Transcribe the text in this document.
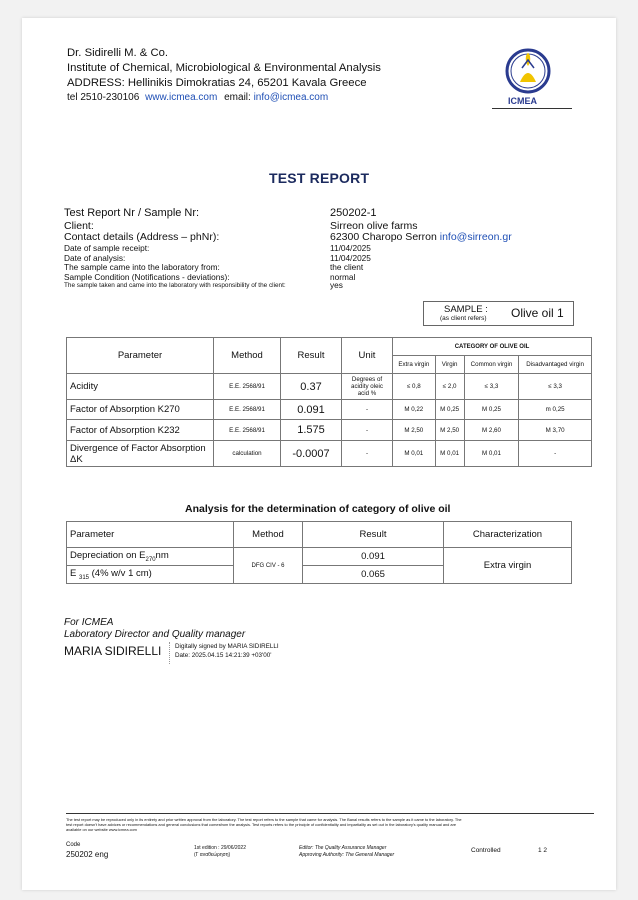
Dr. Sidirelli M. & Co.
Institute of Chemical, Microbiological & Environmental Analysis
ADDRESS: Hellinikis Dimokratias 24, 65201 Kavala Greece
tel 2510-230106 www.icmea.com email: info@icmea.com	ICMEA
TEST REPORT
Test Report Nr / Sample Nr:	250202-1
Client:	Sirreon olive farms
Contact details (Address – phNr):	62300 Charopo Serron info@sirreon.gr
Date of sample receipt:	11/04/2025
Date of analysis:	11/04/2025
The sample came into the laboratory from:	the client
Sample Condition (Notifications - deviations):	normal
The sample taken and came into the laboratory with responsibility of the client:	yes
SAMPLE :
(as client refers) Olive oil 1
Parameter	Method	Result	Unit	CATEGORY OF OLIVE OIL			
				Extra virgin	Virgin	Common virgin	Disadvantaged virgin
Acidity	E.E. 2568/91	0.37	Degrees of acidity oleic acid %	≤ 0,8	≤ 2,0	≤ 3,3	≤ 3,3
Factor of Absorption K270	E.E. 2568/91	0.091	-	M 0,22	M 0,25	M 0,25	m 0,25
Factor of Absorption K232	E.E. 2568/91	1.575	-	M 2,50	M 2,50	M 2,60	M 3,70
Divergence of Factor Absorption ΔK	calculation	-0.0007	-	M 0,01	M 0,01	M 0,01	-
Analysis for the determination of category of olive oil
Parameter	Method	Result	Characterization
Depreciation on $E_{270}nm$	DFG CIV - 6	0.091	Extra virgin
E $_{315}$ (4% w/v 1 cm)		0.065	
For ICMEA
Laboratory Director and Quality manager
MARIA SIDIRELLI Digitally signed by MARIA SIDIRELLI
Date: 2025.04.15 14:21:39 +03'00'
The test report may be reproduced only in its entirety and prior written approval from the laboratory. The test report refers to the sample that came for analysis. The Banal results refers to the sample as it came to the laboratory. The
test report doesn't have advices or recommendations and general conclusions that comesfrom the analysis. Test reports refers to the principle of confidentiality and impartiality as set out in the laboratory's quality manual and are
available on our website www.icmea.com
Code
250202 eng
1st edition : 29/06/2022
(Γ αναθεώρηση)
Editor: The Quality Assurance Manager
Approving Authority: The General Manager
Controlled	1 2
